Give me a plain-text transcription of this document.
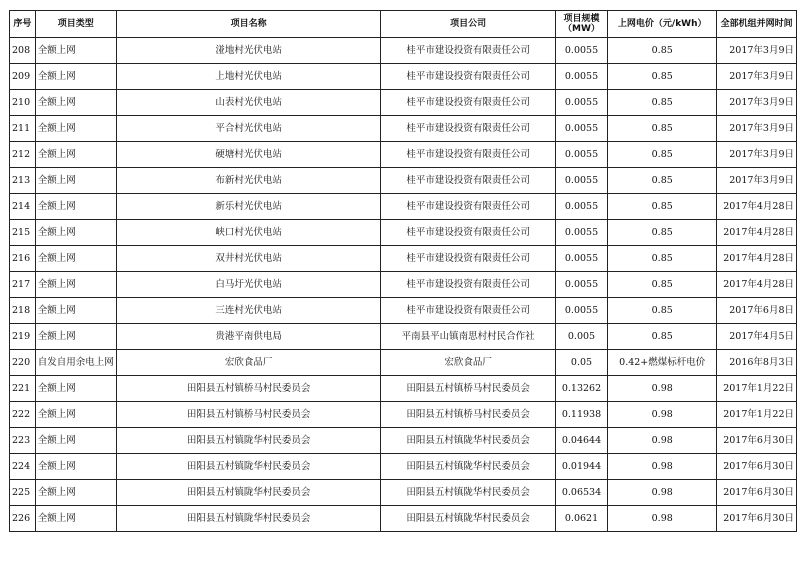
序号	项目类型	项目名称	项目公司	项目规模（MW）	上网电价（元/kWh）	全部机组并网时间
208	全额上网	湴地村光伏电站	桂平市建设投资有限责任公司	0.0055	0.85	2017年3月9日
209	全额上网	上地村光伏电站	桂平市建设投资有限责任公司	0.0055	0.85	2017年3月9日
210	全额上网	山表村光伏电站	桂平市建设投资有限责任公司	0.0055	0.85	2017年3月9日
211	全额上网	平合村光伏电站	桂平市建设投资有限责任公司	0.0055	0.85	2017年3月9日
212	全额上网	硬塘村光伏电站	桂平市建设投资有限责任公司	0.0055	0.85	2017年3月9日
213	全额上网	布新村光伏电站	桂平市建设投资有限责任公司	0.0055	0.85	2017年3月9日
214	全额上网	新乐村光伏电站	桂平市建设投资有限责任公司	0.0055	0.85	2017年4月28日
215	全额上网	峡口村光伏电站	桂平市建设投资有限责任公司	0.0055	0.85	2017年4月28日
216	全额上网	双井村光伏电站	桂平市建设投资有限责任公司	0.0055	0.85	2017年4月28日
217	全额上网	白马圩光伏电站	桂平市建设投资有限责任公司	0.0055	0.85	2017年4月28日
218	全额上网	三连村光伏电站	桂平市建设投资有限责任公司	0.0055	0.85	2017年6月8日
219	全额上网	贵港平南供电局	平南县平山镇南思村村民合作社	0.005	0.85	2017年4月5日
220	自发自用余电上网	宏欣食品厂	宏欣食品厂	0.05	0.42+燃煤标杆电价	2016年8月3日
221	全额上网	田阳县五村镇桥马村民委员会	田阳县五村镇桥马村民委员会	0.13262	0.98	2017年1月22日
222	全额上网	田阳县五村镇桥马村民委员会	田阳县五村镇桥马村民委员会	0.11938	0.98	2017年1月22日
223	全额上网	田阳县五村镇陇华村民委员会	田阳县五村镇陇华村民委员会	0.04644	0.98	2017年6月30日
224	全额上网	田阳县五村镇陇华村民委员会	田阳县五村镇陇华村民委员会	0.01944	0.98	2017年6月30日
225	全额上网	田阳县五村镇陇华村民委员会	田阳县五村镇陇华村民委员会	0.06534	0.98	2017年6月30日
226	全额上网	田阳县五村镇陇华村民委员会	田阳县五村镇陇华村民委员会	0.0621	0.98	2017年6月30日
